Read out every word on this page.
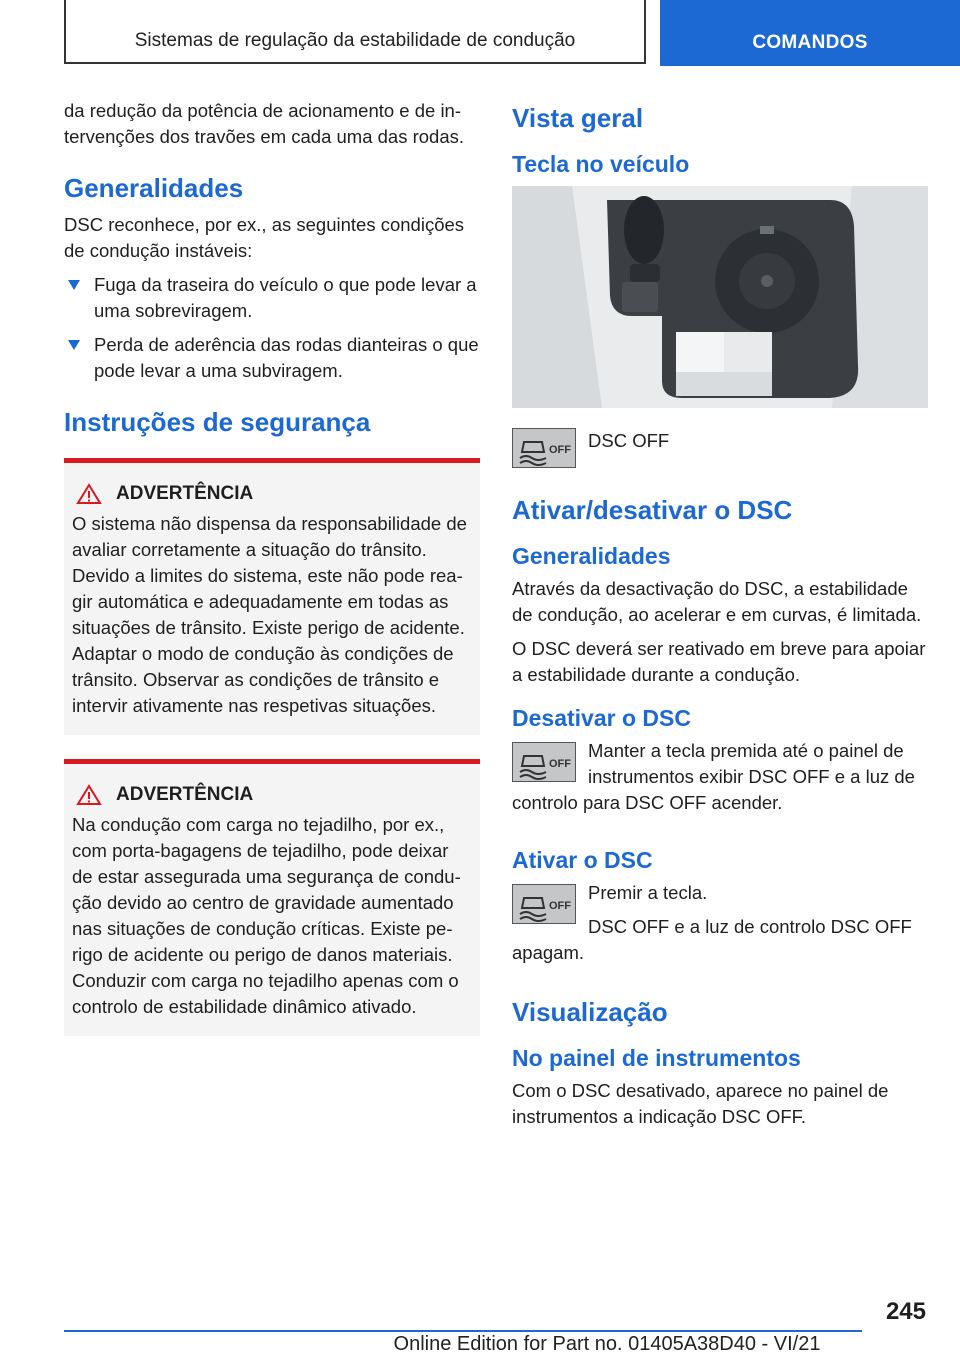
Sistemas de regulação da estabilidade de condução	COMANDOS

da redução da potência de acionamento e de in-tervenções dos travões em cada uma das rodas.

Generalidades

DSC reconhece, por ex., as seguintes condições de condução instáveis:

Fuga da traseira do veículo o que pode levar a uma sobreviragem.
Perda de aderência das rodas dianteiras o que pode levar a uma subviragem.
Instruções de segurança
ADVERTÊNCIA

O sistema não dispensa da responsabilidade de avaliar corretamente a situação do trânsito. Devido a limites do sistema, este não pode rea-gir automática e adequadamente em todas as situações de trânsito. Existe perigo de acidente. Adaptar o modo de condução às condições de trânsito. Observar as condições de trânsito e intervir ativamente nas respetivas situações.

ADVERTÊNCIA

Na condução com carga no tejadilho, por ex., com porta-bagagens de tejadilho, pode deixar de estar assegurada uma segurança de condu-ção devido ao centro de gravidade aumentado nas situações de condução críticas. Existe pe-rigo de acidente ou perigo de danos materiais. Conduzir com carga no tejadilho apenas com o controlo de estabilidade dinâmico ativado.

Vista geral
Tecla no veículo
OFF DSC OFF

Ativar/desativar o DSC
Generalidades

Através da desactivação do DSC, a estabilidade de condução, ao acelerar e em curvas, é limitada.

O DSC deverá ser reativado em breve para apoiar a estabilidade durante a condução.

Desativar o DSC
OFF

Manter a tecla premida até o painel de instrumentos exibir DSC OFF e a luz de controlo para DSC OFF acender.

Ativar o DSC
OFF

Premir a tecla.

DSC OFF e a luz de controlo DSC OFF apagam.

Visualização
No painel de instrumentos

Com o DSC desativado, aparece no painel de instrumentos a indicação DSC OFF.

245
Online Edition for Part no. 01405A38D40 - VI/21
